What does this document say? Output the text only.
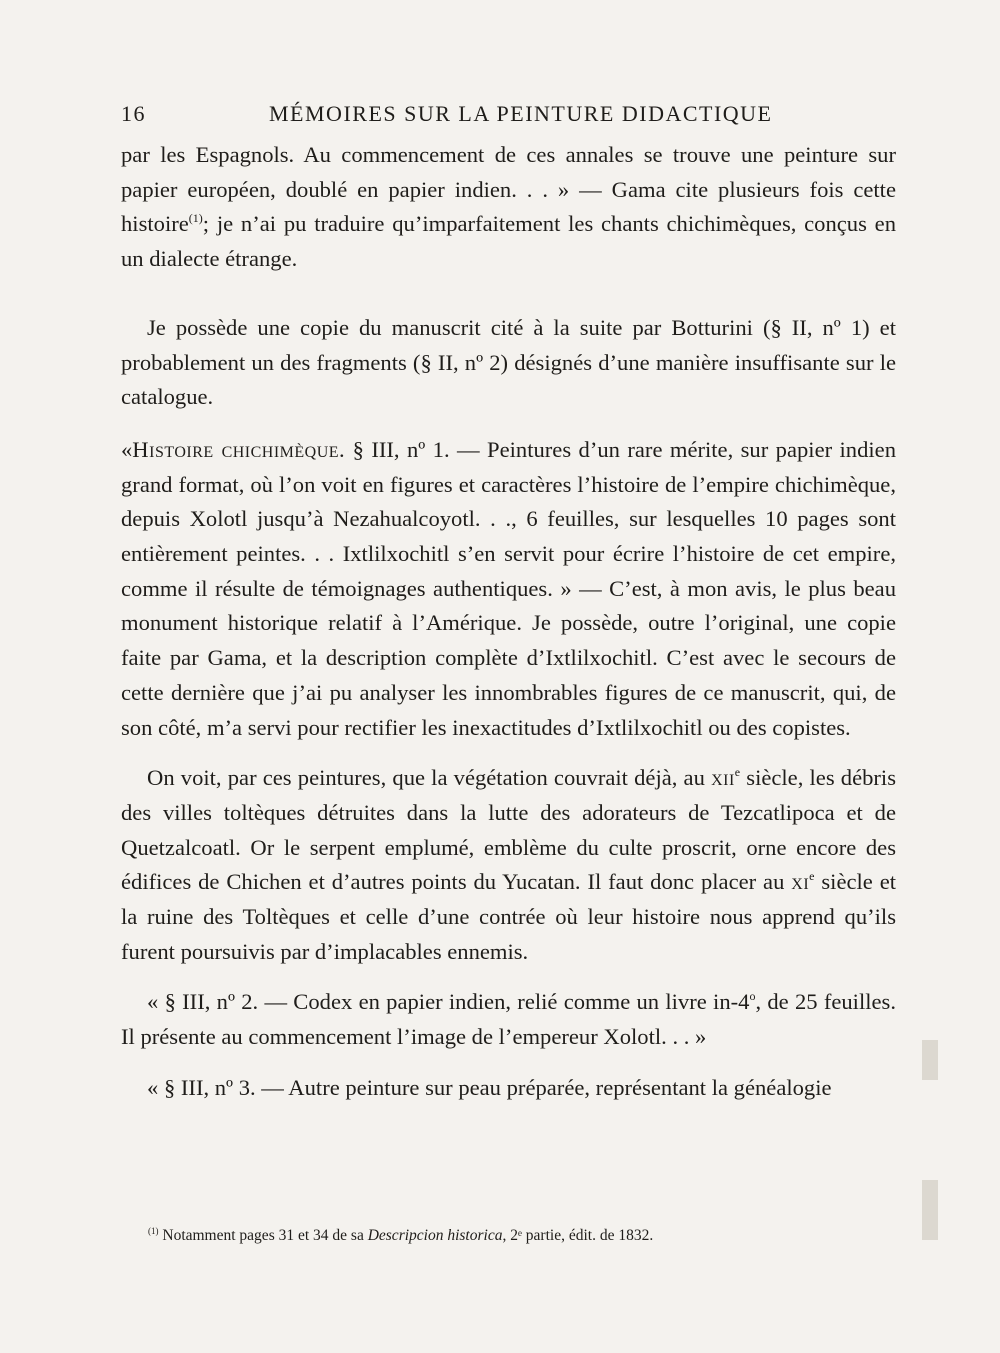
16	MÉMOIRES SUR LA PEINTURE DIDACTIQUE

par les Espagnols. Au commencement de ces annales se trouve une peinture sur papier européen, doublé en papier indien. . . » — Gama cite plusieurs fois cette histoire$^{(1)}$; je n’ai pu traduire qu’imparfaitement les chants chichimèques, conçus en un dialecte étrange.

Je possède une copie du manuscrit cité à la suite par Botturini (§ II, nº 1) et probablement un des fragments (§ II, nº 2) désignés d’une manière insuffisante sur le catalogue.

«Histoire chichimèque. § III, nº 1. — Peintures d’un rare mérite, sur papier indien grand format, où l’on voit en figures et caractères l’histoire de l’empire chichimèque, depuis Xolotl jusqu’à Nezahualcoyotl. . ., 6 feuilles, sur lesquelles 10 pages sont entièrement peintes. . . Ixtlilxochitl s’en servit pour écrire l’histoire de cet empire, comme il résulte de témoignages authentiques. » — C’est, à mon avis, le plus beau monument historique relatif à l’Amérique. Je possède, outre l’original, une copie faite par Gama, et la description complète d’Ixtlilxochitl. C’est avec le secours de cette dernière que j’ai pu analyser les innombrables figures de ce manuscrit, qui, de son côté, m’a servi pour rectifier les inexactitudes d’Ixtlilxochitl ou des copistes.

On voit, par ces peintures, que la végétation couvrait déjà, au xii$^e$ siècle, les débris des villes toltèques détruites dans la lutte des adorateurs de Tezcatlipoca et de Quetzalcoatl. Or le serpent emplumé, emblème du culte proscrit, orne encore des édifices de Chichen et d’autres points du Yucatan. Il faut donc placer au $xi^e$ siècle et la ruine des Toltèques et celle d’une contrée où leur histoire nous apprend qu’ils furent poursuivis par d’implacables ennemis.

« § III, nº 2. — Codex en papier indien, relié comme un livre in-4$^o$, de 25 feuilles. Il présente au commencement l’image de l’empereur Xolotl. . . »

« § III, nº 3. — Autre peinture sur peau préparée, représentant la généalogie

$^{(1)}$ Notamment pages 31 et 34 de sa Descripcion historica, 2ᵉ partie, édit. de 1832.
